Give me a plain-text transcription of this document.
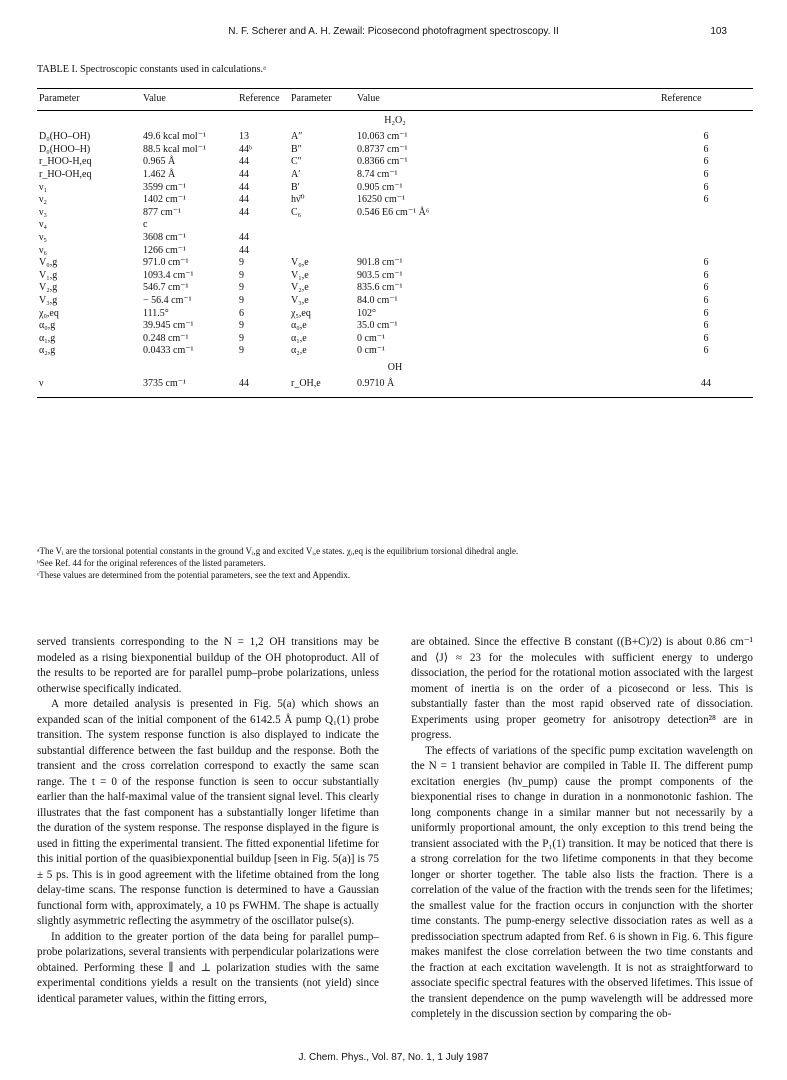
N. F. Scherer and A. H. Zewail: Picosecond photofragment spectroscopy. II	103
TABLE I. Spectroscopic constants used in calculations.ᵃ
Parameter	Value	Reference	Parameter	Value	Reference
H₂O₂					
D₀(HO–OH)	49.6 kcal mol⁻¹	13	A″	10.063 cm⁻¹	6
D₀(HOO–H)	88.5 kcal mol⁻¹	44ᵇ	B″	0.8737 cm⁻¹	6
r_HOO-H,eq	0.965 Å	44	C″	0.8366 cm⁻¹	6
r_HO-OH,eq	1.462 Å	44	A′	8.74 cm⁻¹	6
ν₁	3599 cm⁻¹	44	B′	0.905 cm⁻¹	6
ν₂	1402 cm⁻¹	44	hν̄⁰	16250 cm⁻¹	6
ν₃	877 cm⁻¹	44	C₆	0.546 E6 cm⁻¹ Å⁶	
ν₄	c				
ν₅	3608 cm⁻¹	44			
ν₆	1266 cm⁻¹	44			
V₀,g	971.0 cm⁻¹	9	V₀,e	901.8 cm⁻¹	6
V₁,g	1093.4 cm⁻¹	9	V₁,e	903.5 cm⁻¹	6
V₂,g	546.7 cm⁻¹	9	V₂,e	835.6 cm⁻¹	6
V₃,g	− 56.4 cm⁻¹	9	V₃,e	84.0 cm⁻¹	6
χ₀,eq	111.5°	6	χ₅,eq	102°	6
α₀,g	39.945 cm⁻¹	9	α₀,e	35.0 cm⁻¹	6
α₁,g	0.248 cm⁻¹	9	α₁,e	0 cm⁻¹	6
α₂,g	0.0433 cm⁻¹	9	α₂,e	0 cm⁻¹	6
OH					
ν	3735 cm⁻¹	44	r_OH,e	0.9710 Å	44

ᵃThe Vᵢ are the torsional potential constants in the ground Vᵢ,g and excited Vᵢ,e states. χᵢ,eq is the equilibrium torsional dihedral angle.

ᵇSee Ref. 44 for the original references of the listed parameters.

ᶜThese values are determined from the potential parameters, see the text and Appendix.

served transients corresponding to the N = 1,2 OH transitions may be modeled as a rising biexponential buildup of the OH photoproduct. All of the results to be reported are for parallel pump–probe polarizations, unless otherwise specifically indicated.

A more detailed analysis is presented in Fig. 5(a) which shows an expanded scan of the initial component of the 6142.5 Å pump Q₁(1) probe transition. The system response function is also displayed to indicate the substantial difference between the fast buildup and the response. Both the transient and the cross correlation correspond to exactly the same scan range. The t = 0 of the response function is seen to occur substantially earlier than the half-maximal value of the transient signal level. This clearly illustrates that the fast component has a substantially longer lifetime than the duration of the system response. The response displayed in the figure is used in fitting the experimental transient. The fitted exponential lifetime for this initial portion of the quasibiexponential buildup [seen in Fig. 5(a)] is 75 ± 5 ps. This is in good agreement with the lifetime obtained from the long delay-time scans. The response function is determined to have a Gaussian functional form with, approximately, a 10 ps FWHM. The shape is actually slightly asymmetric reflecting the asymmetry of the oscillator pulse(s).

In addition to the greater portion of the data being for parallel pump–probe polarizations, several transients with perpendicular polarizations were obtained. Performing these ∥ and ⊥ polarization studies with the same experimental conditions yields a result on the transients (not yield) since identical parameter values, within the fitting errors,

are obtained. Since the effective B constant ((B+C)/2) is about 0.86 cm⁻¹ and ⟨J⟩ ≈ 23 for the molecules with sufficient energy to undergo dissociation, the period for the rotational motion associated with the largest moment of inertia is on the order of a picosecond or less. This is substantially faster than the most rapid observed rate of dissociation. Experiments using proper geometry for anisotropy detection²⁸ are in progress.

The effects of variations of the specific pump excitation wavelength on the N = 1 transient behavior are compiled in Table II. The different pump excitation energies (hν_pump) cause the prompt components of the biexponential rises to change in duration in a nonmonotonic fashion. The long components change in a similar manner but not necessarily by a uniformly proportional amount, the only exception to this trend being the transient associated with the P₁(1) transition. It may be noticed that there is a strong correlation for the two lifetime components in that they become longer or shorter together. The table also lists the fraction. There is a correlation of the value of the fraction with the trends seen for the lifetimes; the smallest value for the fraction occurs in conjunction with the shorter time constants. The pump-energy selective dissociation rates as well as a predissociation spectrum adapted from Ref. 6 is shown in Fig. 6. This figure makes manifest the close correlation between the two time constants and the fraction at each excitation wavelength. It is not as straightforward to associate specific spectral features with the observed lifetimes. This issue of the transient dependence on the pump wavelength will be addressed more completely in the discussion section by comparing the ob-

J. Chem. Phys., Vol. 87, No. 1, 1 July 1987
